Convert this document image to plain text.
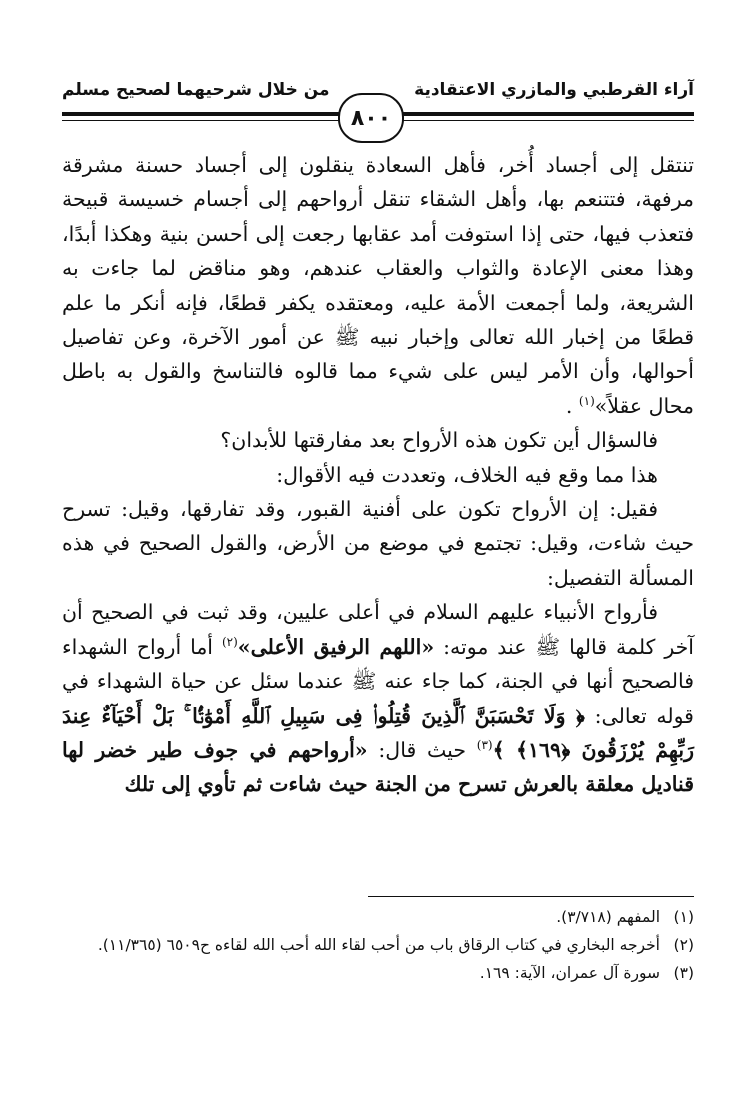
آراء القرطبي والمازري الاعتقادية
من خلال شرحيهما لصحيح مسلم
٨٠٠

تنتقل إلى أجساد أُخر، فأهل السعادة ينقلون إلى أجساد حسنة مشرقة مرفهة، فتتنعم بها، وأهل الشقاء تنقل أرواحهم إلى أجسام خسيسة قبيحة فتعذب فيها، حتى إذا استوفت أمد عقابها رجعت إلى أحسن بنية وهكذا أبدًا، وهذا معنى الإعادة والثواب والعقاب عندهم، وهو مناقض لما جاءت به الشريعة، ولما أجمعت الأمة عليه، ومعتقده يكفر قطعًا، فإنه أنكر ما علم قطعًا من إخبار الله تعالى وإخبار نبيه ﷺ عن أمور الآخرة، وعن تفاصيل أحوالها، وأن الأمر ليس على شيء مما قالوه فالتناسخ والقول به باطل محال عقلاً»$^{(١)}$ .

فالسؤال أين تكون هذه الأرواح بعد مفارقتها للأبدان؟

هذا مما وقع فيه الخلاف، وتعددت فيه الأقوال:

فقيل: إن الأرواح تكون على أفنية القبور، وقد تفارقها، وقيل: تسرح حيث شاءت، وقيل: تجتمع في موضع من الأرض، والقول الصحيح في هذه المسألة التفصيل:

فأرواح الأنبياء عليهم السلام في أعلى عليين، وقد ثبت في الصحيح أن آخر كلمة قالها ﷺ عند موته: «اللهم الرفيق الأعلى»$^{(٢)}$ أما أرواح الشهداء فالصحيح أنها في الجنة، كما جاء عنه ﷺ عندما سئل عن حياة الشهداء في قوله تعالى: ﴿ وَلَا تَحْسَبَنَّ ٱلَّذِينَ قُتِلُوا۟ فِى سَبِيلِ ٱللَّهِ أَمْوَٰتًۢا ۚ بَلْ أَحْيَآءٌ عِندَ رَبِّهِمْ يُرْزَقُونَ ﴿١٦٩﴾ ﴾$^{(٣)}$ حيث قال: «أرواحهم في جوف طير خضر لها قناديل معلقة بالعرش تسرح من الجنة حيث شاءت ثم تأوي إلى تلك

(١)
المفهم (٣/٧١٨).
(٢)
أخرجه البخاري في كتاب الرقاق باب من أحب لقاء الله أحب الله لقاءه ح٦٥٠٩ (١١/٣٦٥).
(٣)
سورة آل عمران، الآية: ١٦٩.
